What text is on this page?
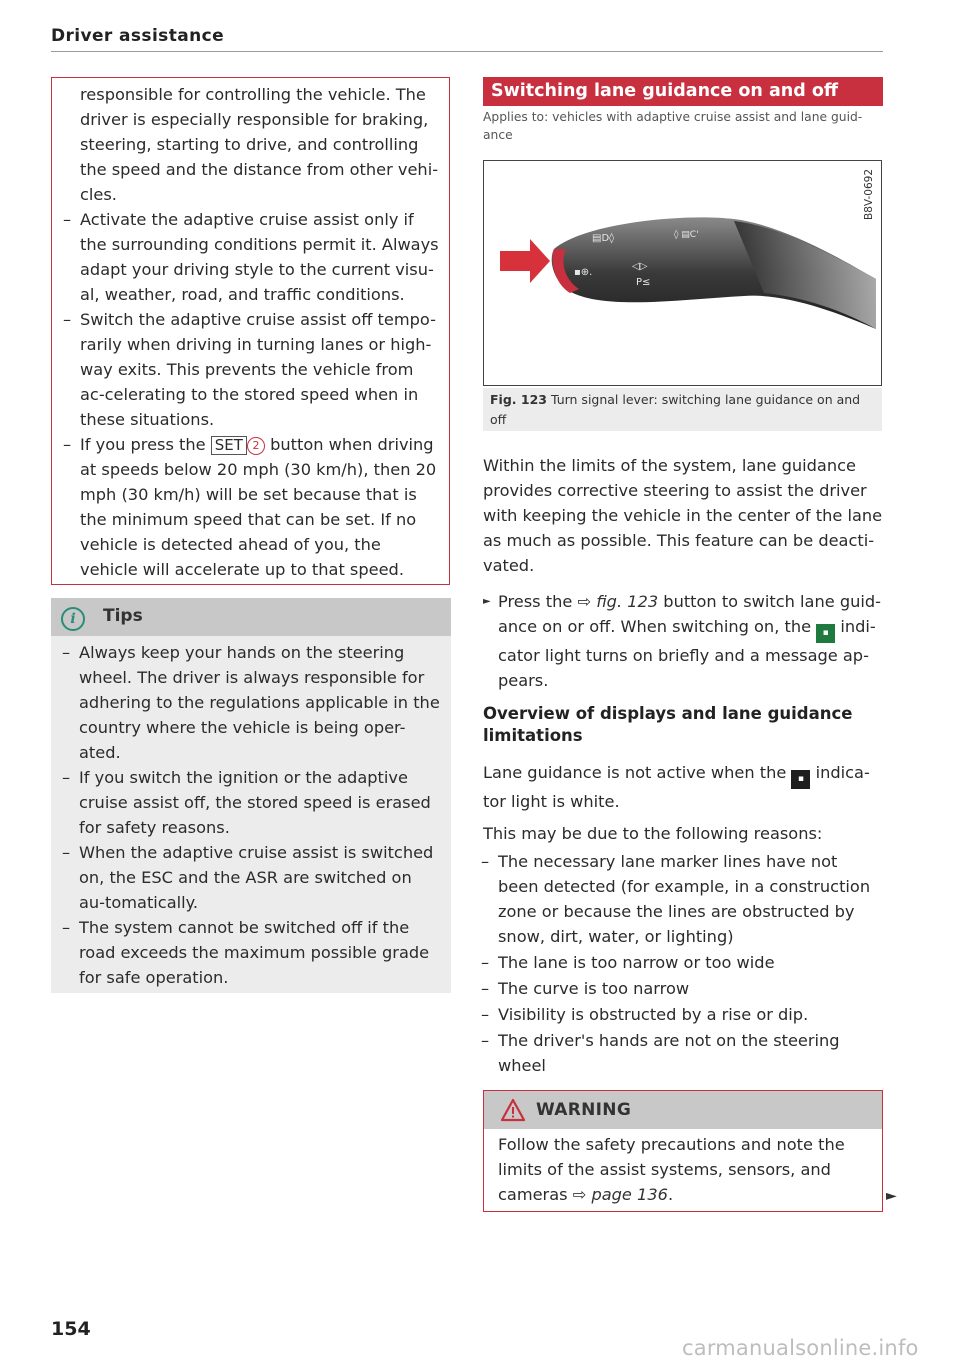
Driver assistance
responsible for controlling the vehicle. The driver is especially responsible for braking, steering, starting to drive, and controlling the speed and the distance from other vehi-cles.
– Activate the adaptive cruise assist only if the surrounding conditions permit it. Always adapt your driving style to the current visu-al, weather, road, and traffic conditions.
– Switch the adaptive cruise assist off tempo-rarily when driving in turning lanes or high-way exits. This prevents the vehicle from ac-celerating to the stored speed when in these situations.
– If you press the SET 2 button when driving at speeds below 20 mph (30 km/h), then 20 mph (30 km/h) will be set because that is the minimum speed that can be set. If no vehicle is detected ahead of you, the vehicle will accelerate up to that speed.
i	Tips
– Always keep your hands on the steering wheel. The driver is always responsible for adhering to the regulations applicable in the country where the vehicle is being oper-ated.
– If you switch the ignition or the adaptive cruise assist off, the stored speed is erased for safety reasons.
– When the adaptive cruise assist is switched on, the ESC and the ASR are switched on au-tomatically.
– The system cannot be switched off if the road exceeds the maximum possible grade for safe operation.
Switching lane guidance on and off
Applies to: vehicles with adaptive cruise assist and lane guid-ance
▤D◊	◊ ▤C'
▪⊕.
◁▷
P≤
B8V-0692
Fig. 123 Turn signal lever: switching lane guidance on and off
Within the limits of the system, lane guidance provides corrective steering to assist the driver with keeping the vehicle in the center of the lane as much as possible. This feature can be deacti-vated.
► Press the ⇨ fig. 123 button to switch lane guid-ance on or off. When switching on, the ▪ indi-cator light turns on briefly and a message ap-pears.
Overview of displays and lane guidance limitations
Lane guidance is not active when the ▪ indica-tor light is white.
This may be due to the following reasons:
– The necessary lane marker lines have not been detected (for example, in a construction zone or because the lines are obstructed by snow, dirt, water, or lighting)
– The lane is too narrow or too wide
– The curve is too narrow
– Visibility is obstructed by a rise or dip.
– The driver's hands are not on the steering wheel
WARNING
Follow the safety precautions and note the limits of the assist systems, sensors, and cameras ⇨ page 136.	►
154
carmanualsonline.info
